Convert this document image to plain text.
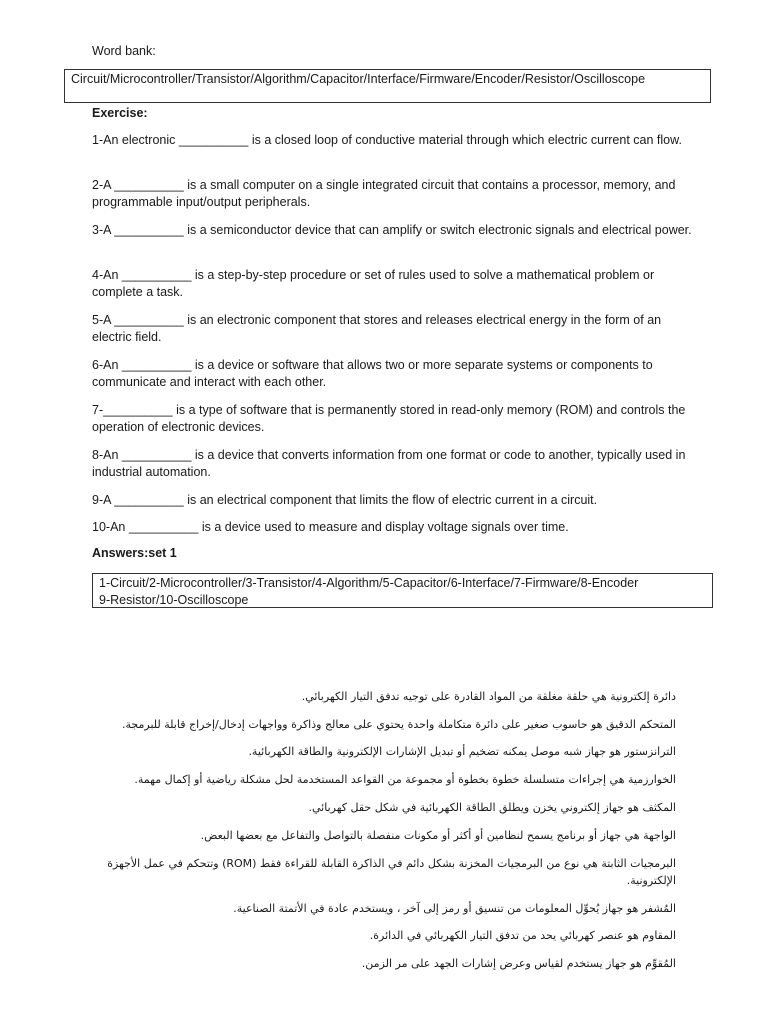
Word bank:
Circuit/Microcontroller/Transistor/Algorithm/Capacitor/Interface/Firmware/Encoder/Resistor/Oscilloscope
Exercise:
1-An electronic __________ is a closed loop of conductive material through which electric current can flow.
2-A __________ is a small computer on a single integrated circuit that contains a processor, memory, and programmable input/output peripherals.
3-A __________ is a semiconductor device that can amplify or switch electronic signals and electrical power.
4-An __________ is a step-by-step procedure or set of rules used to solve a mathematical problem or complete a task.
5-A __________ is an electronic component that stores and releases electrical energy in the form of an electric field.
6-An __________ is a device or software that allows two or more separate systems or components to communicate and interact with each other.
7-__________ is a type of software that is permanently stored in read-only memory (ROM) and controls the operation of electronic devices.
8-An __________ is a device that converts information from one format or code to another, typically used in industrial automation.
9-A __________ is an electrical component that limits the flow of electric current in a circuit.
10-An __________ is a device used to measure and display voltage signals over time.
Answers:set 1
1-Circuit/2-Microcontroller/3-Transistor/4-Algorithm/5-Capacitor/6-Interface/7-Firmware/8-Encoder
9-Resistor/10-Oscilloscope
دائرة إلكترونية هي حلقة مغلقة من المواد القادرة على توجيه تدفق التيار الكهربائي.
المتحكم الدقيق هو حاسوب صغير على دائرة متكاملة واحدة يحتوي على معالج وذاكرة وواجهات إدخال/إخراج قابلة للبرمجة.
الترانزستور هو جهاز شبه موصل يمكنه تضخيم أو تبديل الإشارات الإلكترونية والطاقة الكهربائية.
الخوارزمية هي إجراءات متسلسلة خطوة بخطوة أو مجموعة من القواعد المستخدمة لحل مشكلة رياضية أو إكمال مهمة.
المكثف هو جهاز إلكتروني يخزن ويطلق الطاقة الكهربائية في شكل حقل كهربائي.
الواجهة هي جهاز أو برنامج يسمح لنظامين أو أكثر أو مكونات منفصلة بالتواصل والتفاعل مع بعضها البعض.
البرمجيات الثابتة هي نوع من البرمجيات المخزنة بشكل دائم في الذاكرة القابلة للقراءة فقط (ROM) وتتحكم في عمل الأجهزة الإلكترونية.
المُشفر هو جهاز يُحوِّل المعلومات من تنسيق أو رمز إلى آخر ، ويستخدم عادة في الأتمتة الصناعية.
المقاوم هو عنصر كهربائي يحد من تدفق التيار الكهربائي في الدائرة.
المُقوِّم هو جهاز يستخدم لقياس وعرض إشارات الجهد على مر الزمن.
